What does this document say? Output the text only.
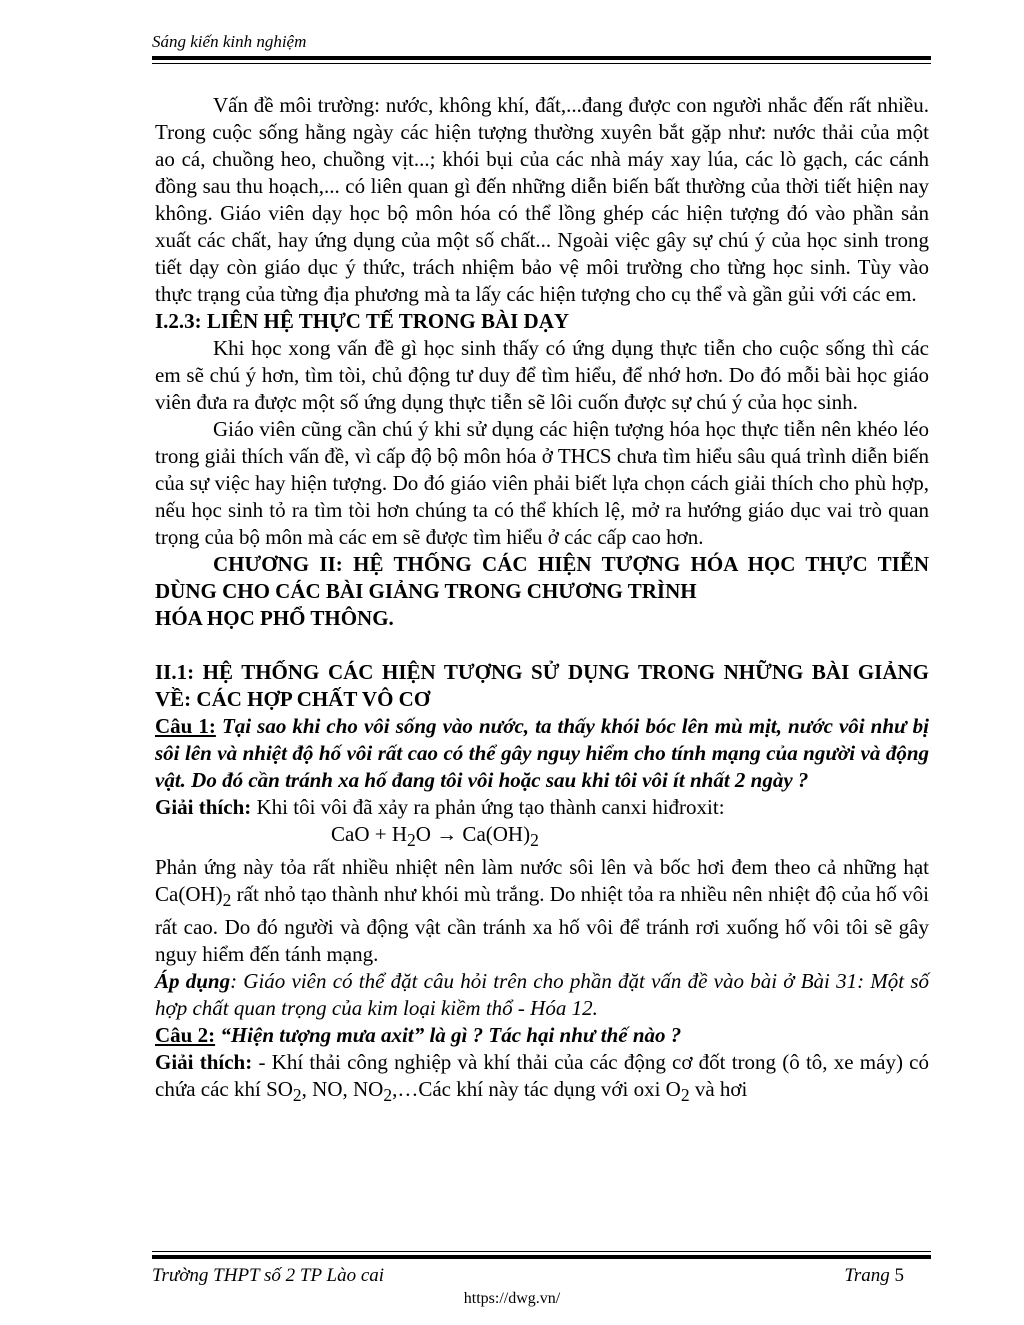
Sáng kiến kinh nghiệm

Vấn đề môi trường: nước, không khí, đất,...đang được con người nhắc đến rất nhiều. Trong cuộc sống hằng ngày các hiện tượng thường xuyên bắt gặp như: nước thải của một ao cá, chuồng heo, chuồng vịt...; khói bụi của các nhà máy xay lúa, các lò gạch, các cánh đồng sau thu hoạch,... có liên quan gì đến những diễn biến bất thường của thời tiết hiện nay không. Giáo viên dạy học bộ môn hóa có thể lồng ghép các hiện tượng đó vào phần sản xuất các chất, hay ứng dụng của một số chất... Ngoài việc gây sự chú ý của học sinh trong tiết dạy còn giáo dục ý thức, trách nhiệm bảo vệ môi trường cho từng học sinh. Tùy vào thực trạng của từng địa phương mà ta lấy các hiện tượng cho cụ thể và gần gủi với các em.

I.2.3: LIÊN HỆ THỰC TẾ TRONG BÀI DẠY

Khi học xong vấn đề gì học sinh thấy có ứng dụng thực tiễn cho cuộc sống thì các em sẽ chú ý hơn, tìm tòi, chủ động tư duy để tìm hiểu, để nhớ hơn. Do đó mỗi bài học giáo viên đưa ra được một số ứng dụng thực tiễn sẽ lôi cuốn được sự chú ý của học sinh.

Giáo viên cũng cần chú ý khi sử dụng các hiện tượng hóa học thực tiễn nên khéo léo trong giải thích vấn đề, vì cấp độ bộ môn hóa ở THCS chưa tìm hiểu sâu quá trình diễn biến của sự việc hay hiện tượng. Do đó giáo viên phải biết lựa chọn cách giải thích cho phù hợp, nếu học sinh tỏ ra tìm tòi hơn chúng ta có thể khích lệ, mở ra hướng giáo dục vai trò quan trọng của bộ môn mà các em sẽ được tìm hiểu ở các cấp cao hơn.

CHƯƠNG II: HỆ THỐNG CÁC HIỆN TƯỢNG HÓA HỌC THỰC TIỄN DÙNG CHO CÁC BÀI GIẢNG TRONG CHƯƠNG TRÌNH
HÓA HỌC PHỔ THÔNG.

II.1: HỆ THỐNG CÁC HIỆN TƯỢNG SỬ DỤNG TRONG NHỮNG BÀI GIẢNG VỀ: CÁC HỢP CHẤT VÔ CƠ

Câu 1: Tại sao khi cho vôi sống vào nước, ta thấy khói bóc lên mù mịt, nước vôi như bị sôi lên và nhiệt độ hố vôi rất cao có thể gây nguy hiểm cho tính mạng của người và động vật. Do đó cần tránh xa hố đang tôi vôi hoặc sau khi tôi vôi ít nhất 2 ngày ?

Giải thích: Khi tôi vôi đã xảy ra phản ứng tạo thành canxi hiđroxit:

CaO + $H_2O \to Ca(OH)_2$

Phản ứng này tỏa rất nhiều nhiệt nên làm nước sôi lên và bốc hơi đem theo cả những hạt $Ca(OH)_2$ rất nhỏ tạo thành như khói mù trắng. Do nhiệt tỏa ra nhiều nên nhiệt độ của hố vôi rất cao. Do đó người và động vật cần tránh xa hố vôi để tránh rơi xuống hố vôi tôi sẽ gây nguy hiểm đến tánh mạng.

Áp dụng: Giáo viên có thể đặt câu hỏi trên cho phần đặt vấn đề vào bài ở Bài 31: Một số hợp chất quan trọng của kim loại kiềm thổ - Hóa 12.

Câu 2: “Hiện tượng mưa axit” là gì ? Tác hại như thế nào ?

Giải thích: - Khí thải công nghiệp và khí thải của các động cơ đốt trong (ô tô, xe máy) có chứa các khí $SO_2$, NO, $NO_2,\dots Các$ khí này tác dụng với oxi $O_2$ và hơi

Trường THPT số 2 TP Lào cai	Trang 5
https://dwg.vn/
